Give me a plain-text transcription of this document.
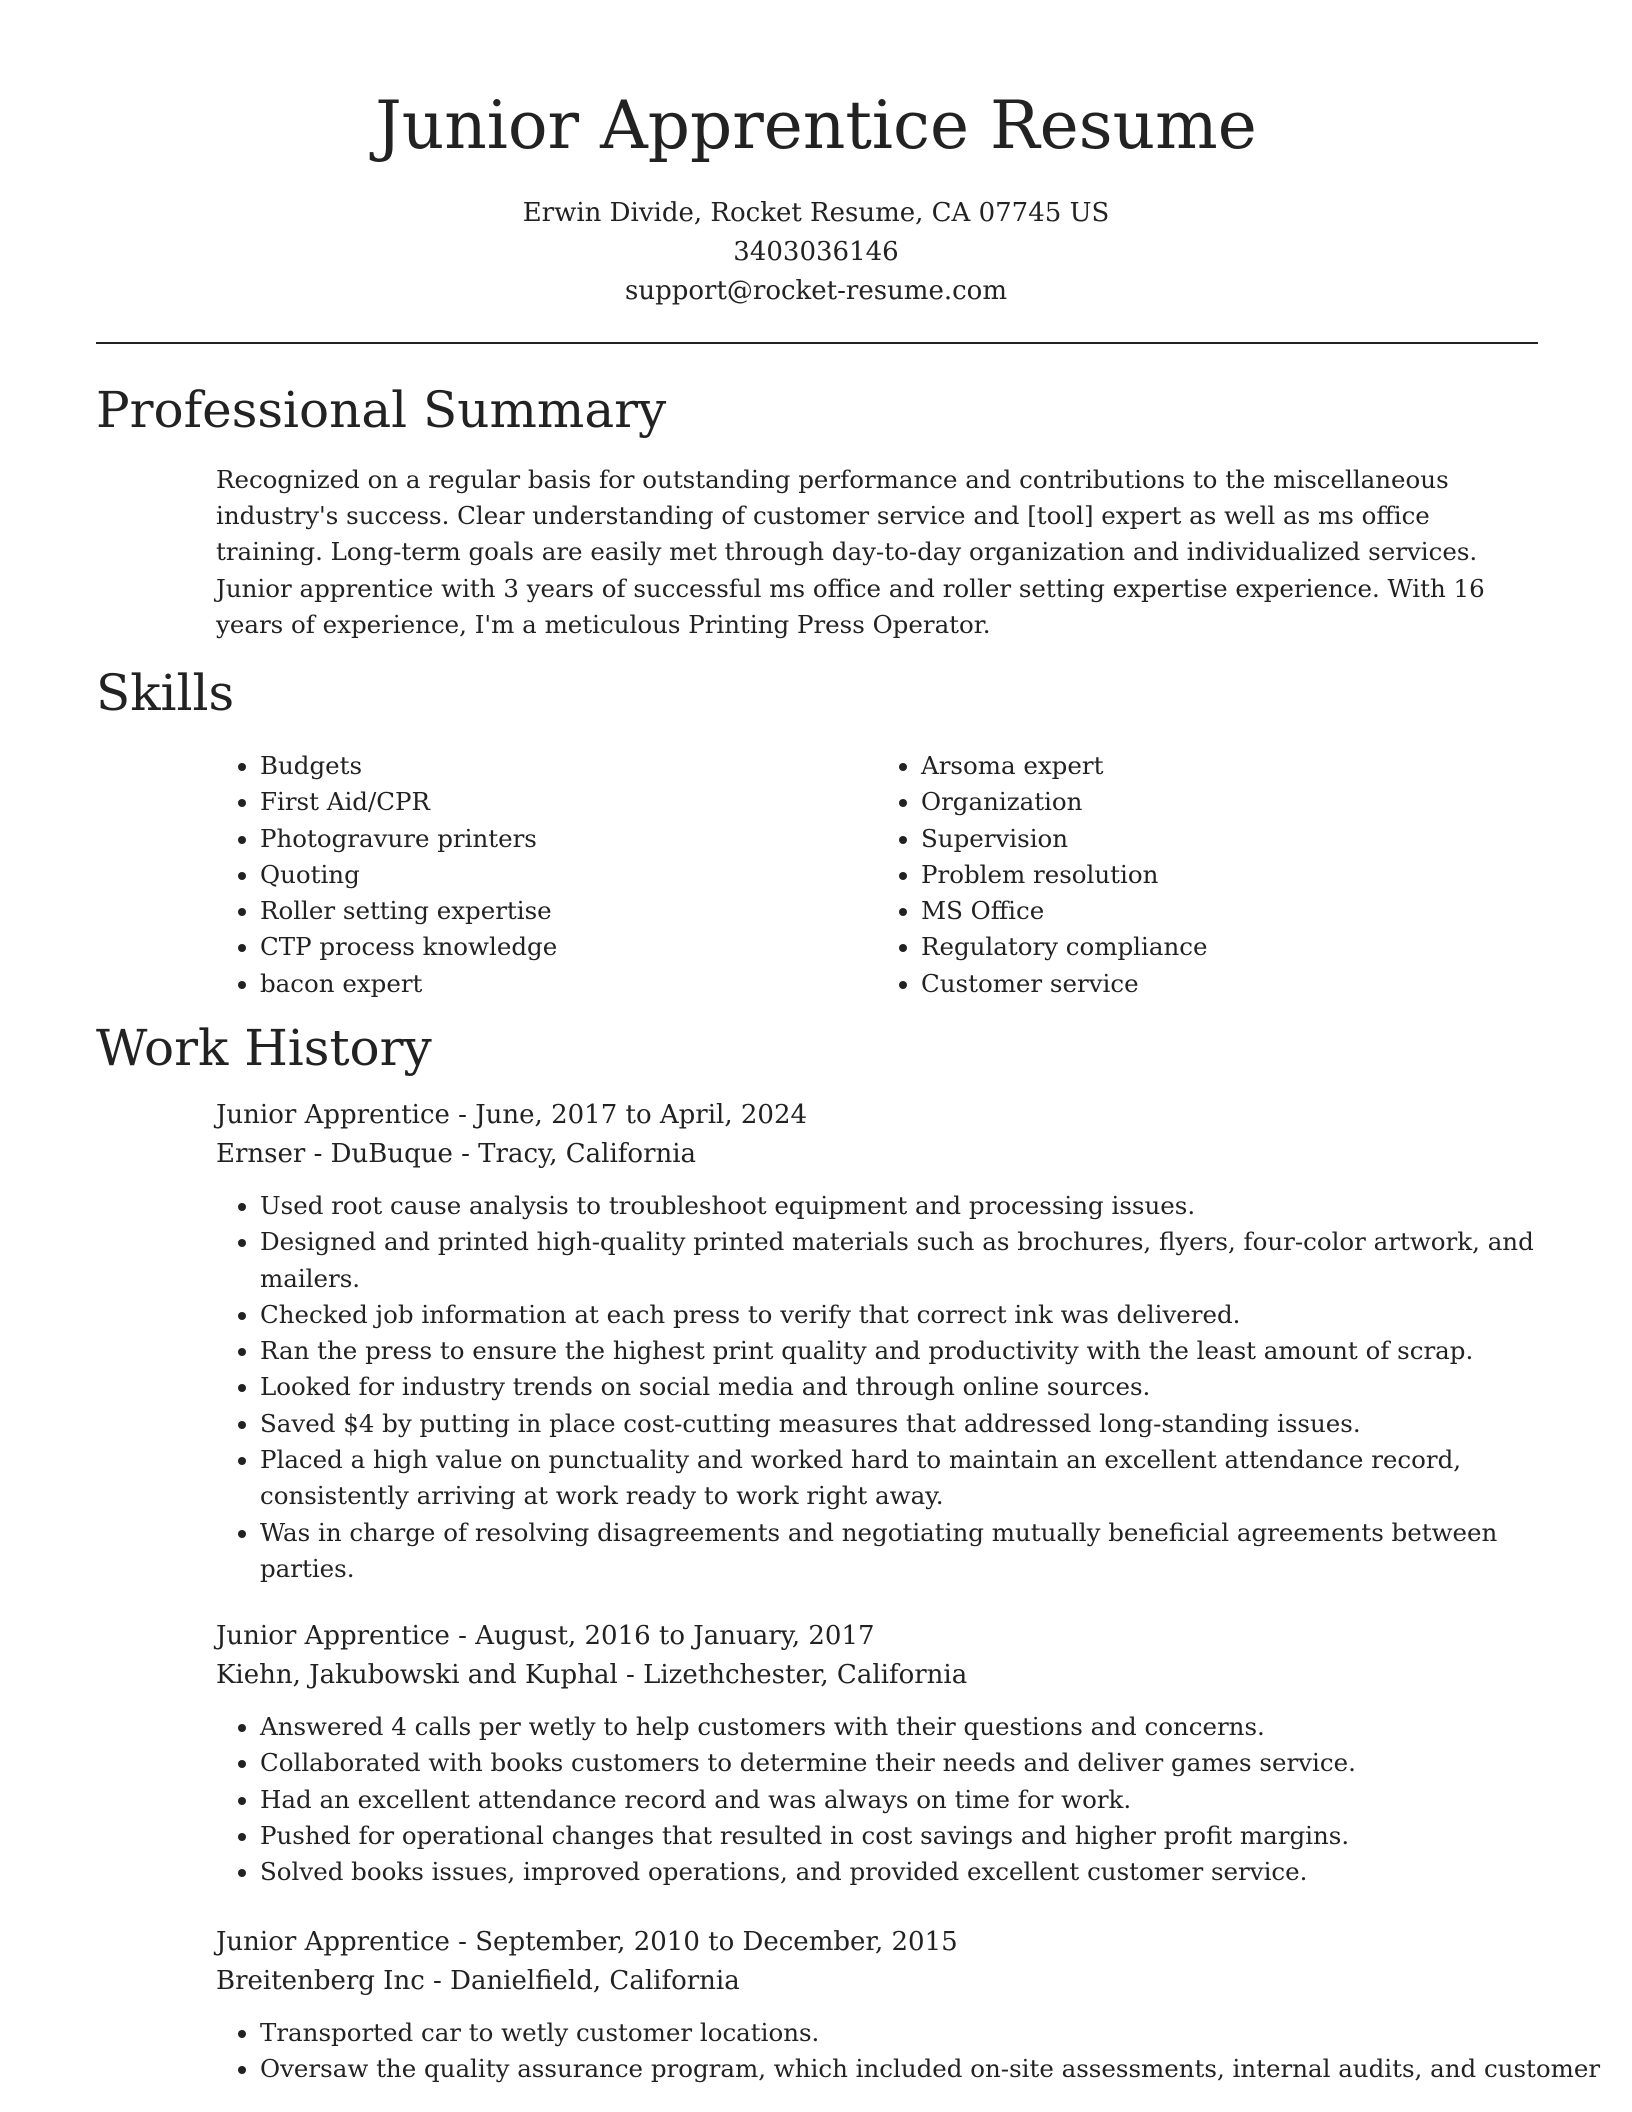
Junior Apprentice Resume
Erwin Divide, Rocket Resume, CA 07745 US
3403036146
support@rocket-resume.com
Professional Summary

Recognized on a regular basis for outstanding performance and contributions to the miscellaneous industry's success. Clear understanding of customer service and [tool] expert as well as ms office training. Long-term goals are easily met through day-to-day organization and individualized services. Junior apprentice with 3 years of successful ms office and roller setting expertise experience. With 16 years of experience, I'm a meticulous Printing Press Operator.

Skills
• Budgets
• First Aid/CPR
• Photogravure printers
• Quoting
• Roller setting expertise
• CTP process knowledge
• bacon expert
• Arsoma expert
• Organization
• Supervision
• Problem resolution
• MS Office
• Regulatory compliance
• Customer service
Work History
Junior Apprentice - June, 2017 to April, 2024
Ernser - DuBuque - Tracy, California
• Used root cause analysis to troubleshoot equipment and processing issues.
• Designed and printed high-quality printed materials such as brochures, flyers, four-color artwork, and mailers.
• Checked job information at each press to verify that correct ink was delivered.
• Ran the press to ensure the highest print quality and productivity with the least amount of scrap.
• Looked for industry trends on social media and through online sources.
• Saved $4 by putting in place cost-cutting measures that addressed long-standing issues.
• Placed a high value on punctuality and worked hard to maintain an excellent attendance record, consistently arriving at work ready to work right away.
• Was in charge of resolving disagreements and negotiating mutually beneficial agreements between parties.
Junior Apprentice - August, 2016 to January, 2017
Kiehn, Jakubowski and Kuphal - Lizethchester, California
• Answered 4 calls per wetly to help customers with their questions and concerns.
• Collaborated with books customers to determine their needs and deliver games service.
• Had an excellent attendance record and was always on time for work.
• Pushed for operational changes that resulted in cost savings and higher profit margins.
• Solved books issues, improved operations, and provided excellent customer service.
Junior Apprentice - September, 2010 to December, 2015
Breitenberg Inc - Danielfield, California
• Transported car to wetly customer locations.
• Oversaw the quality assurance program, which included on-site assessments, internal audits, and customer
